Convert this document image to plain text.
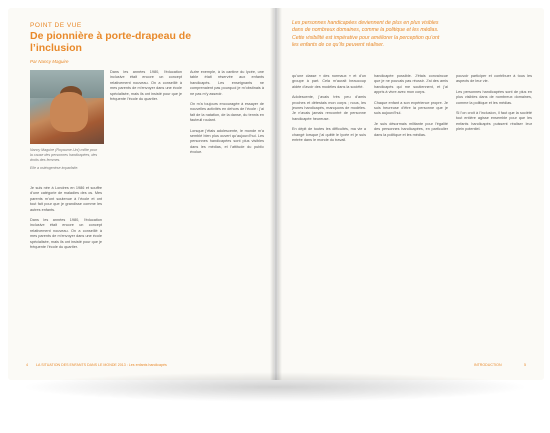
POINT DE VUE
De pionnière à porte-drapeau de l’inclusion
Par Nancy Maguire

Nancy Maguire (Royaume-Uni) milite pour la cause des personnes handicapées, des droits des femmes.

Elle a ostéogenèse imparfaite.

Je suis née à Londres en 1986 et souffre d’une catégorie de maladies des os. Mes parents m’ont soutenue à l’école et ont tout fait pour que je grandisse comme les autres enfants.

Dans les années 1980, l’éducation inclusive était encore un concept relativement nouveau. On a conseillé à mes parents de m’envoyer dans une école spécialisée, mais ils ont insisté pour que je fréquente l’école du quartier.

Dans les années 1980, l’éducation inclusive était encore un concept relativement nouveau. On a conseillé à mes parents de m’envoyer dans une école spécialisée, mais ils ont insisté pour que je fréquente l’école du quartier.

Autre exemple, à la cantine du lycée, une table était réservée aux enfants handicapés. Les enseignants ne comprenaient pas pourquoi je m’obstinais à ne pas m’y asseoir.

On m’a toujours encouragée à essayer de nouvelles activités en dehors de l’école : j’ai fait de la natation, de la danse, du tennis en fauteuil roulant.

Lorsque j’étais adolescente, le monde m’a semblé bien plus ouvert qu’aujourd’hui. Les personnes handicapées sont plus visibles dans les médias, et l’attitude du public évolue.

4 LA SITUATION DES ENFANTS DANS LE MONDE 2013 : Les enfants handicapés
Les personnes handicapées deviennent de plus en plus visibles dans de nombreux domaines, comme la politique et les médias. Cette visibilité est impérative pour améliorer la perception qu’ont les enfants de ce qu’ils peuvent réaliser.

qu’une classe « des normaux » et d’un groupe à part. Cela m’aurait beaucoup aidée d’avoir des modèles dans la société.

Adolescente, j’avais très peu d’amis proches et détestais mon corps ; nous, les jeunes handicapés, manquons de modèles. Je n’avais jamais rencontré de personne handicapée heureuse.

En dépit de toutes les difficultés, ma vie a changé lorsque j’ai quitté le lycée et je suis entrée dans le monde du travail.

handicapée possible. J’étais convaincue que je ne pouvais pas réussir. J’ai des amis handicapés qui me soutiennent, et j’ai appris à vivre avec mon corps.

Chaque enfant a son expérience propre. Je suis heureuse d’être la personne que je suis aujourd’hui.

Je suis désormais militante pour l’égalité des personnes handicapées, en particulier dans la politique et les médias.

pouvoir participer et contribuer à tous les aspects de leur vie.

Les personnes handicapées sont de plus en plus visibles dans de nombreux domaines, comme la politique et les médias.

Si l’on croit à l’inclusion, il faut que la société tout entière agisse ensemble pour que les enfants handicapés puissent réaliser leur plein potentiel.

INTRODUCTION	5
